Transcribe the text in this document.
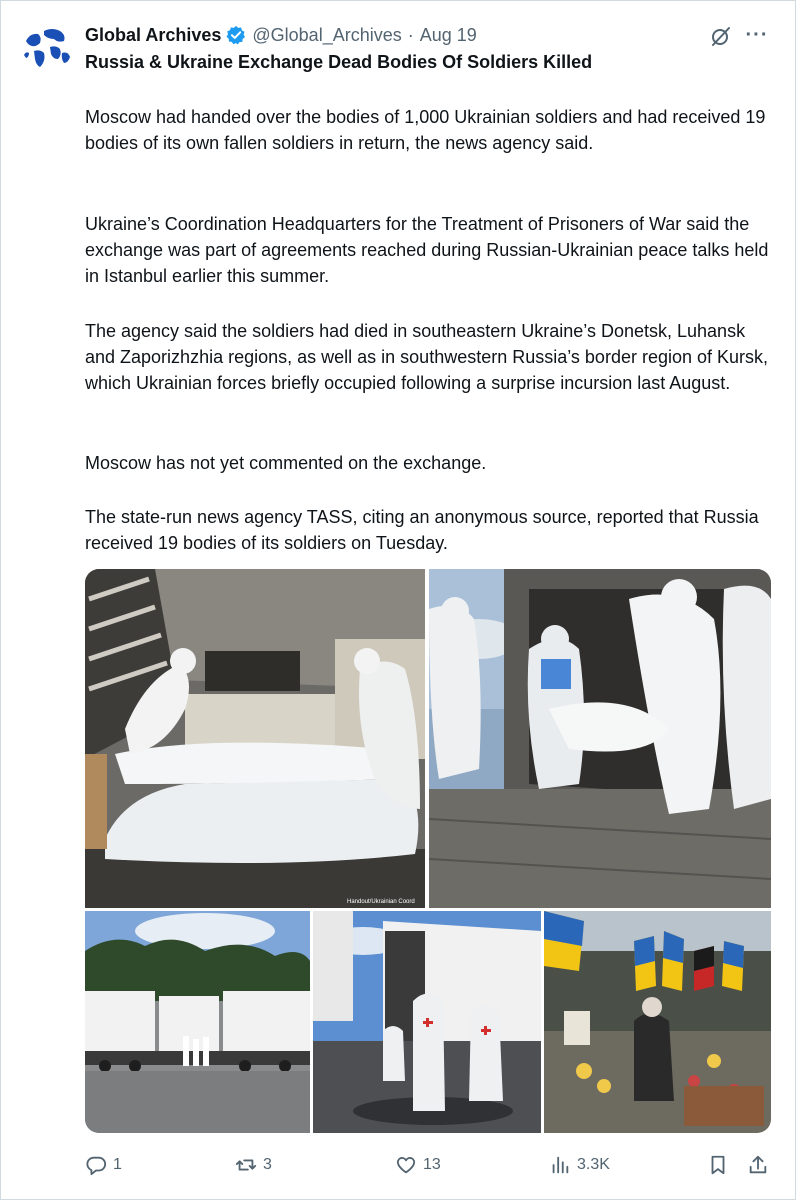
Global Archives @Global_Archives · Aug 19	···
Russia & Ukraine Exchange Dead Bodies Of Soldiers Killed

Moscow had handed over the bodies of 1,000 Ukrainian soldiers and had received 19 bodies of its own fallen soldiers in return, the news agency said.

Ukraine’s Coordination Headquarters for the Treatment of Prisoners of War said the exchange was part of agreements reached during Russian-Ukrainian peace talks held in Istanbul earlier this summer.

The agency said the soldiers had died in southeastern Ukraine’s Donetsk, Luhansk and Zaporizhzhia regions, as well as in southwestern Russia’s border region of Kursk, which Ukrainian forces briefly occupied following a surprise incursion last August.

Moscow has not yet commented on the exchange.

The state-run news agency TASS, citing an anonymous source, reported that Russia received 19 bodies of its soldiers on Tuesday.

Handout/Ukrainian Coord
1	3	13	3.3K
